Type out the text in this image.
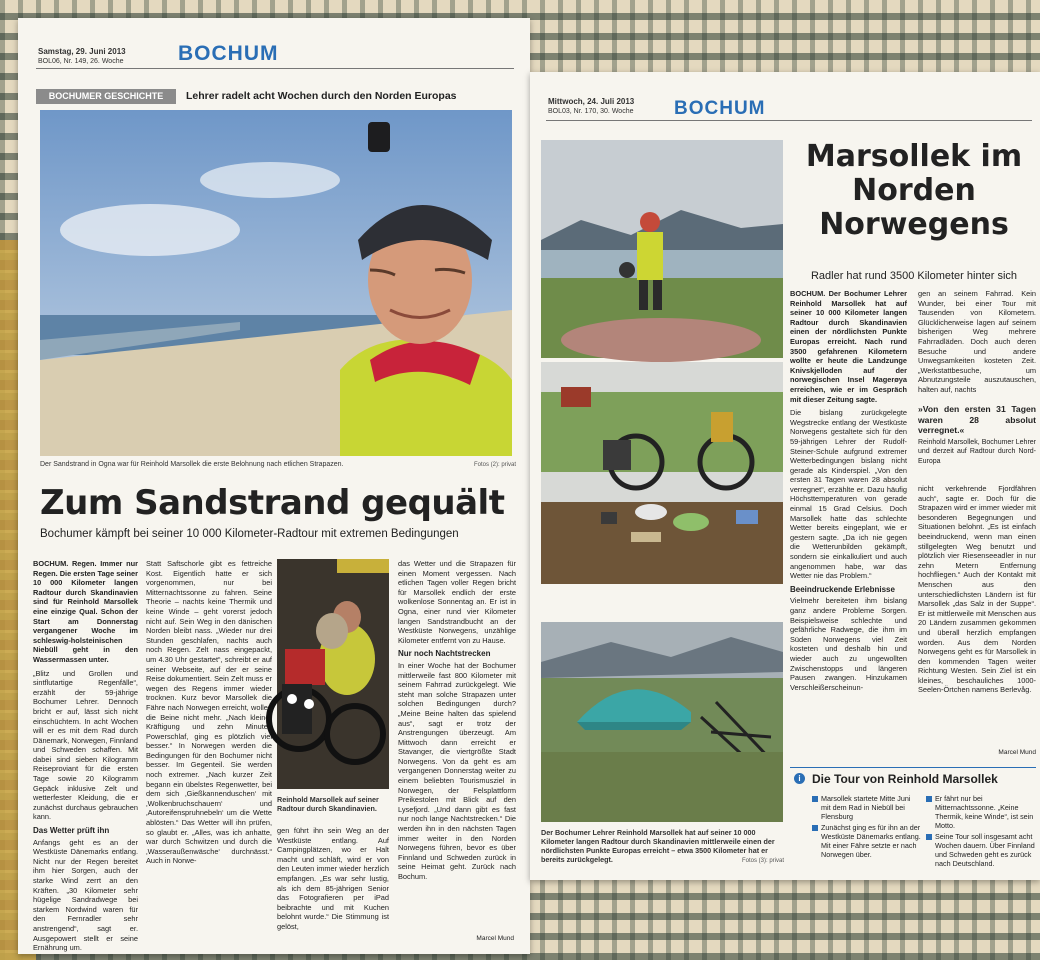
Samstag, 29. Juni 2013
BOL06, Nr. 149, 26. Woche	BOCHUM
BOCHUMER GESCHICHTE	Lehrer radelt acht Wochen durch den Norden Europas
Der Sandstrand in Ogna war für Reinhold Marsollek die erste Belohnung nach etlichen Strapazen.	Fotos (2): privat
Zum Sandstrand gequält
Bochumer kämpft bei seiner 10 000 Kilometer-Radtour mit extremen Bedingungen
BOCHUM. Regen. Immer nur Regen. Die ersten Tage seiner 10 000 Kilometer langen Radtour durch Skandinavien sind für Reinhold Marsollek eine einzige Qual. Schon der Start am Donnerstag vergangener Woche im schleswig-holsteinischen Niebüll geht in den Wassermassen unter.

„Blitz und Grollen und sintflutartige Regenfälle“, erzählt der 59-jährige Bochumer Lehrer. Dennoch bricht er auf, lässt sich nicht einschüchtern. In acht Wochen will er es mit dem Rad durch Dänemark, Norwegen, Finnland und Schweden schaffen. Mit dabei sind sieben Kilogramm Reiseproviant für die ersten Tage sowie 20 Kilogramm Gepäck inklusive Zelt und wetterfester Kleidung, die er zunächst durchaus gebrauchen kann.

Das Wetter prüft ihn
Anfangs geht es an der Westküste Dänemarks entlang. Nicht nur der Regen bereitet ihm hier Sorgen, auch der starke Wind zerrt an den Kräften. „30 Kilometer sehr hügelige Sandradwege bei starkem Nordwind waren für den Fernradler sehr anstrengend“, sagt er. Ausgepowert stellt er seine Ernährung um.
Statt Saftschorle gibt es fettreiche Kost. Eigentlich hatte er sich vorgenommen, nur bei Mitternachtssonne zu fahren. Seine Theorie – nachts keine Thermik und keine Winde – geht vorerst jedoch nicht auf. Sein Weg in den dänischen Norden bleibt nass. „Wieder nur drei Stunden geschlafen, nachts auch noch Regen. Zelt nass eingepackt, um 4.30 Uhr gestartet“, schreibt er auf seiner Webseite, auf der er seine Reise dokumentiert. Sein Zelt muss er wegen des Regens immer wieder trocknen. Kurz bevor Marsollek die Fähre nach Norwegen erreicht, wollen die Beine nicht mehr. „Nach kleiner Kräftigung und zehn Minuten Powerschlaf, ging es plötzlich viel besser.“ In Norwegen werden die Bedingungen für den Bochumer nicht besser. Im Gegenteil. Sie werden noch extremer. „Nach kurzer Zeit begann ein übelstes Regenwetter, bei dem sich ‚Gießkannenduschen‘ mit ‚Wolkenbruchschauern‘ und ‚Autoreifenspruhnebeln‘ um die Wette ablösten.“ Das Wetter will ihn prüfen, so glaubt er. „Alles, was ich anhatte, war durch Schwitzen und durch die ‚Wasseraußenwäsche‘ durchnässt.“ Auch in Norwe-
Reinhold Marsollek auf seiner Radtour durch Skandinavien.
gen führt ihn sein Weg an der Westküste entlang. Auf Campingplätzen, wo er Halt macht und schläft, wird er von den Leuten immer wieder herzlich empfangen. „Es war sehr lustig, als ich dem 85-jährigen Senior das Fotografieren per iPad beibrachte und mit Kuchen belohnt wurde.“ Die Stimmung ist gelöst,
das Wetter und die Strapazen für einen Moment vergessen. Nach etlichen Tagen voller Regen bricht für Marsollek endlich der erste wolkenlose Sonnentag an. Er ist in Ogna, einer rund vier Kilometer langen Sandstrandbucht an der Westküste Norwegens, unzählige Kilometer entfernt von zu Hause.
Nur noch Nachtstrecken
In einer Woche hat der Bochumer mittlerweile fast 800 Kilometer mit seinem Fahrrad zurückgelegt. Wie steht man solche Strapazen unter solchen Bedingungen durch? „Meine Beine halten das spielend aus“, sagt er trotz der Anstrengungen überzeugt. Am Mittwoch dann erreicht er Stavanger, die viertgrößte Stadt Norwegens. Von da geht es am vergangenen Donnerstag weiter zu einem beliebten Tourismusziel in Norwegen, der Felsplattform Preikestolen mit Blick auf den Lysefjord. „Und dann gibt es fast nur noch lange Nachtstrecken.“ Die werden ihn in den nächsten Tagen immer weiter in den Norden Norwegens führen, bevor es über Finnland und Schweden zurück in seine Heimat geht. Zurück nach Bochum.
Marcel Mund
Mittwoch, 24. Juli 2013
BOL03, Nr. 170, 30. Woche BOCHUM
Der Bochumer Lehrer Reinhold Marsollek hat auf seiner 10 000 Kilometer langen Radtour durch Skandinavien mittlerweile einen der nördlichsten Punkte Europas erreicht – etwa 3500 Kilometer hat er bereits zurückgelegt.	Fotos (3): privat
Marsollek im Norden Norwegens
Radler hat rund 3500 Kilometer hinter sich
BOCHUM. Der Bochumer Lehrer Reinhold Marsollek hat auf seiner 10 000 Kilometer langen Radtour durch Skandinavien einen der nördlichsten Punkte Europas erreicht. Nach rund 3500 gefahrenen Kilometern wollte er heute die Landzunge Knivskjelloden auf der norwegischen Insel Magerøya erreichen, wie er im Gespräch mit dieser Zeitung sagte.

Die bislang zurückgelegte Wegstrecke entlang der Westküste Norwegens gestaltete sich für den 59-jährigen Lehrer der Rudolf-Steiner-Schule aufgrund extremer Wetterbedingungen bislang nicht gerade als Kinderspiel. „Von den ersten 31 Tagen waren 28 absolut verregnet“, erzählte er. Dazu häufig Höchsttemperaturen von gerade einmal 15 Grad Celsius. Doch Marsollek hatte das schlechte Wetter bereits eingeplant, wie er gestern sagte. „Da ich nie gegen die Wetterunbilden gekämpft, sondern sie einkalkuliert und auch angenommen habe, war das Wetter nie das Problem.“

Beeindruckende Erlebnisse
Vielmehr bereiteten ihm bislang ganz andere Probleme Sorgen. Beispielsweise schlechte und gefährliche Radwege, die ihm im Süden Norwegens viel Zeit kosteten und deshalb hin und wieder auch zu ungewollten Zwischenstopps und längeren Pausen zwangen. Hinzukamen Verschleißerscheinun-
gen an seinem Fahrrad. Kein Wunder, bei einer Tour mit Tausenden von Kilometern. Glücklicherweise lagen auf seinem bisherigen Weg mehrere Fahrradläden. Doch auch deren Besuche und andere Unwegsamkeiten kosteten Zeit. „Werkstattbesuche, um Abnutzungsteile auszutauschen, halten auf, nachts
»Von den ersten 31 Tagen waren 28 absolut verregnet.«
Reinhold Marsollek, Bochumer Lehrer und derzeit auf Radtour durch Nord-Europa
nicht verkehrende Fjordfähren auch“, sagte er. Doch für die Strapazen wird er immer wieder mit besonderen Begegnungen und Situationen belohnt. „Es ist einfach beeindruckend, wenn man einen stillgelegten Weg benutzt und plötzlich vier Riesenseeadler in nur zehn Metern Entfernung hochfliegen.“ Auch der Kontakt mit Menschen aus den unterschiedlichsten Ländern ist für Marsollek „das Salz in der Suppe“. Er ist mittlerweile mit Menschen aus 20 Ländern zusammen gekommen und überall herzlich empfangen worden. Aus dem Norden Norwegens geht es für Marsollek in den kommenden Tagen weiter Richtung Westen. Sein Ziel ist ein kleines, beschauliches 1000-Seelen-Örtchen namens Berlevåg.
Marcel Mund
i Die Tour von Reinhold Marsollek
Marsollek startete Mitte Juni mit dem Rad in Niebüll bei Flensburg
Zunächst ging es für ihn an der Westküste Dänemarks entlang. Mit einer Fähre setzte er nach Norwegen über.
Er fährt nur bei Mitternachtssonne. „Keine Thermik, keine Winde“, ist sein Motto.
Seine Tour soll insgesamt acht Wochen dauern. Über Finnland und Schweden geht es zurück nach Deutschland.
